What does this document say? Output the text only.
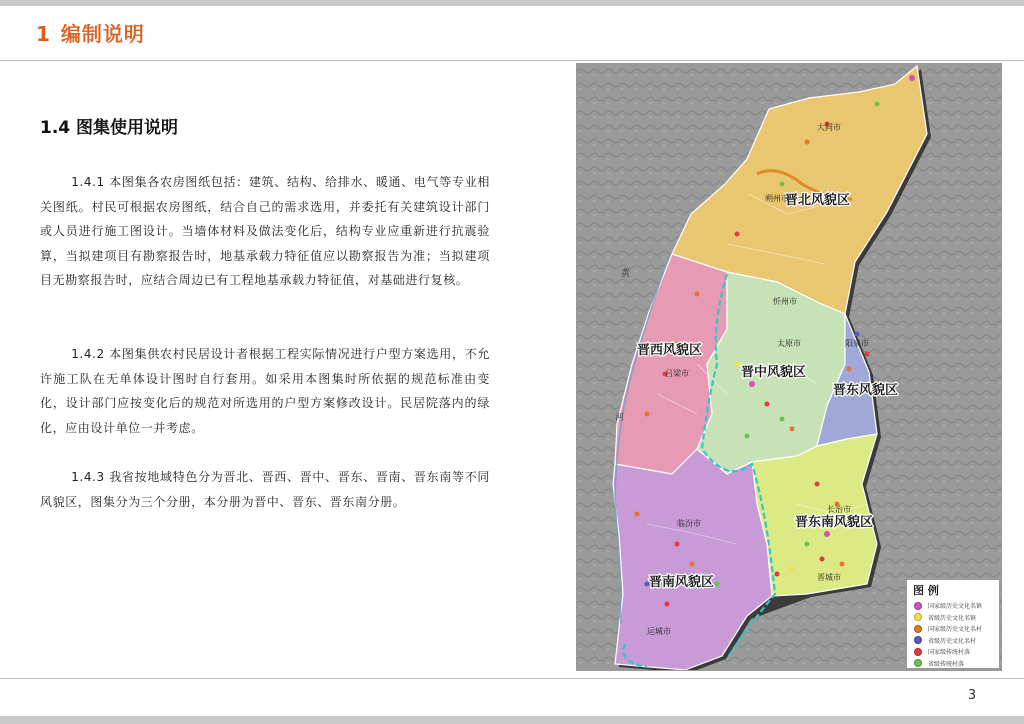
1 编制说明
1.4 图集使用说明

1.4.1 本图集各农房图纸包括：建筑、结构、给排水、暖通、电气等专业相关图纸。村民可根据农房图纸，结合自己的需求选用，并委托有关建筑设计部门或人员进行施工图设计。当墙体材料及做法变化后，结构专业应重新进行抗震验算，当拟建项目有勘察报告时，地基承载力特征值应以勘察报告为准；当拟建项目无勘察报告时，应结合周边已有工程地基承载力特征值，对基础进行复核。

1.4.2 本图集供农村民居设计者根据工程实际情况进行户型方案选用，不允许施工队在无单体设计图时自行套用。如采用本图集时所依据的规范标准由变化，设计部门应按变化后的规范对所选用的户型方案修改设计。民居院落内的绿化，应由设计单位一并考虑。

1.4.3 我省按地域特色分为晋北、晋西、晋中、晋东、晋南、晋东南等不同风貌区，图集分为三个分册，本分册为晋中、晋东、晋东南分册。

晋北风貌区
晋西风貌区
晋中风貌区
晋东风貌区
晋东南风貌区
晋南风貌区
大同市
朔州市
忻州市
太原市
吕梁市
阳泉市
长治市
临汾市
晋城市
运城市
黄
河
图 例
国家级历史文化名镇
省级历史文化名镇
国家级历史文化名村
省级历史文化名村
国家级传统村落
省级传统村落
3
